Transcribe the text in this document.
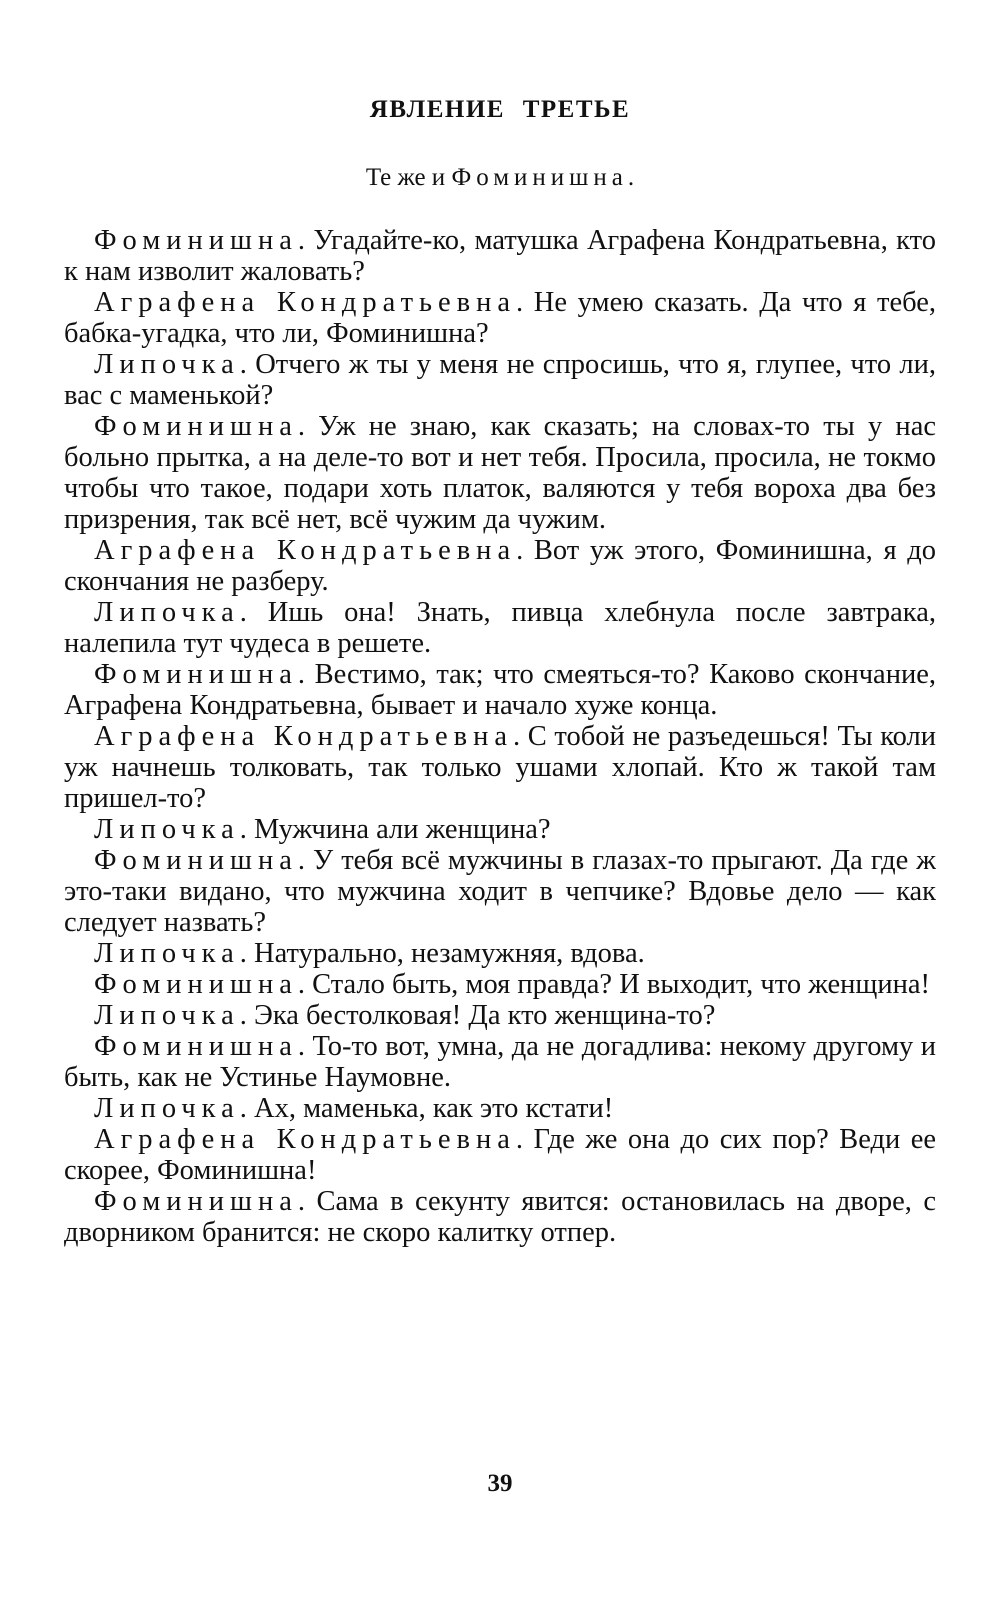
ЯВЛЕНИЕ ТРЕТЬЕ
Те же и Фоминишна.

Фоминишна. Угадайте-ко, матушка Аграфена Кондратьевна, кто к нам изволит жаловать?

Аграфена Кондратьевна. Не умею сказать. Да что я тебе, бабка-угадка, что ли, Фоминишна?

Липочка. Отчего ж ты у меня не спросишь, что я, глупее, что ли, вас с маменькой?

Фоминишна. Уж не знаю, как сказать; на словах-то ты у нас больно прытка, а на деле-то вот и нет тебя. Просила, просила, не токмо чтобы что такое, подари хоть платок, валяются у тебя вороха два без призрения, так всё нет, всё чужим да чужим.

Аграфена Кондратьевна. Вот уж этого, Фоминишна, я до скончания не разберу.

Липочка. Ишь она! Знать, пивца хлебнула после завтрака, налепила тут чудеса в решете.

Фоминишна. Вестимо, так; что смеяться-то? Каково скончание, Аграфена Кондратьевна, бывает и начало хуже конца.

Аграфена Кондратьевна. С тобой не разъедешься! Ты коли уж начнешь толковать, так только ушами хлопай. Кто ж такой там пришел-то?

Липочка. Мужчина али женщина?

Фоминишна. У тебя всё мужчины в глазах-то прыгают. Да где ж это-таки видано, что мужчина ходит в чепчике? Вдовье дело — как следует назвать?

Липочка. Натурально, незамужняя, вдова.

Фоминишна. Стало быть, моя правда? И выходит, что женщина!

Липочка. Эка бестолковая! Да кто женщина-то?

Фоминишна. То-то вот, умна, да не догадлива: некому другому и быть, как не Устинье Наумовне.

Липочка. Ах, маменька, как это кстати!

Аграфена Кондратьевна. Где же она до сих пор? Веди ее скорее, Фоминишна!

Фоминишна. Сама в секунту явится: остановилась на дворе, с дворником бранится: не скоро калитку отпер.

39
